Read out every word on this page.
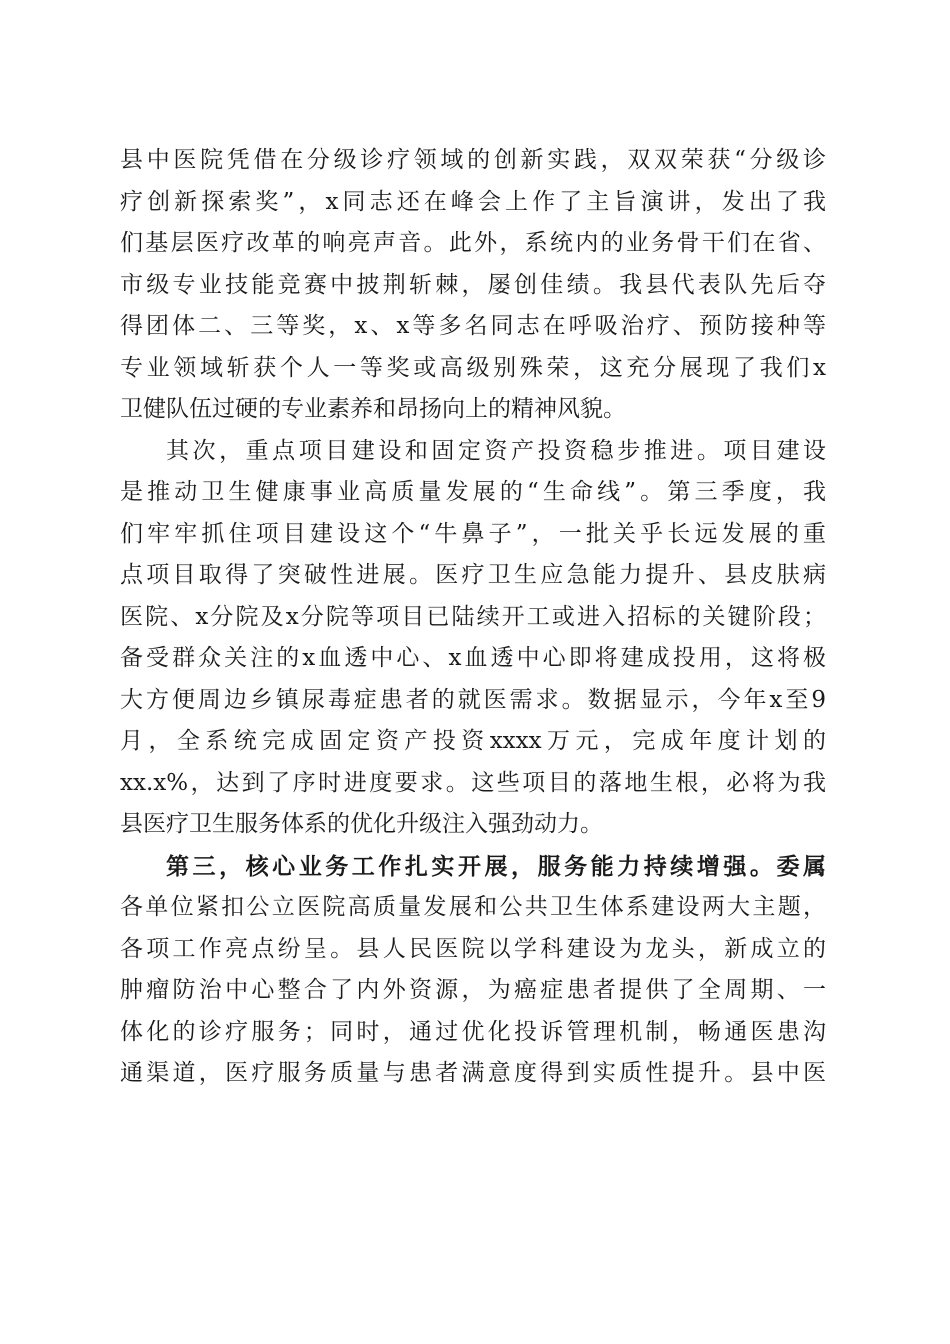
县中医院凭借在分级诊疗领域的创新实践，双双荣获“分级诊
疗创新探索奖”，x同志还在峰会上作了主旨演讲，发出了我
们基层医疗改革的响亮声音。此外，系统内的业务骨干们在省、
市级专业技能竞赛中披荆斩棘，屡创佳绩。我县代表队先后夺
得团体二、三等奖，x、x等多名同志在呼吸治疗、预防接种等
专业领域斩获个人一等奖或高级别殊荣，这充分展现了我们x
卫健队伍过硬的专业素养和昂扬向上的精神风貌。
其次，重点项目建设和固定资产投资稳步推进。项目建设
是推动卫生健康事业高质量发展的“生命线”。第三季度，我
们牢牢抓住项目建设这个“牛鼻子”，一批关乎长远发展的重
点项目取得了突破性进展。医疗卫生应急能力提升、县皮肤病
医院、x分院及x分院等项目已陆续开工或进入招标的关键阶段；
备受群众关注的x血透中心、x血透中心即将建成投用，这将极
大方便周边乡镇尿毒症患者的就医需求。数据显示，今年x至9
月，全系统完成固定资产投资xxxx万元，完成年度计划的
xx.x%，达到了序时进度要求。这些项目的落地生根，必将为我
县医疗卫生服务体系的优化升级注入强劲动力。
第三，核心业务工作扎实开展，服务能力持续增强。委属
各单位紧扣公立医院高质量发展和公共卫生体系建设两大主题，
各项工作亮点纷呈。县人民医院以学科建设为龙头，新成立的
肿瘤防治中心整合了内外资源，为癌症患者提供了全周期、一
体化的诊疗服务；同时，通过优化投诉管理机制，畅通医患沟
通渠道，医疗服务质量与患者满意度得到实质性提升。县中医
